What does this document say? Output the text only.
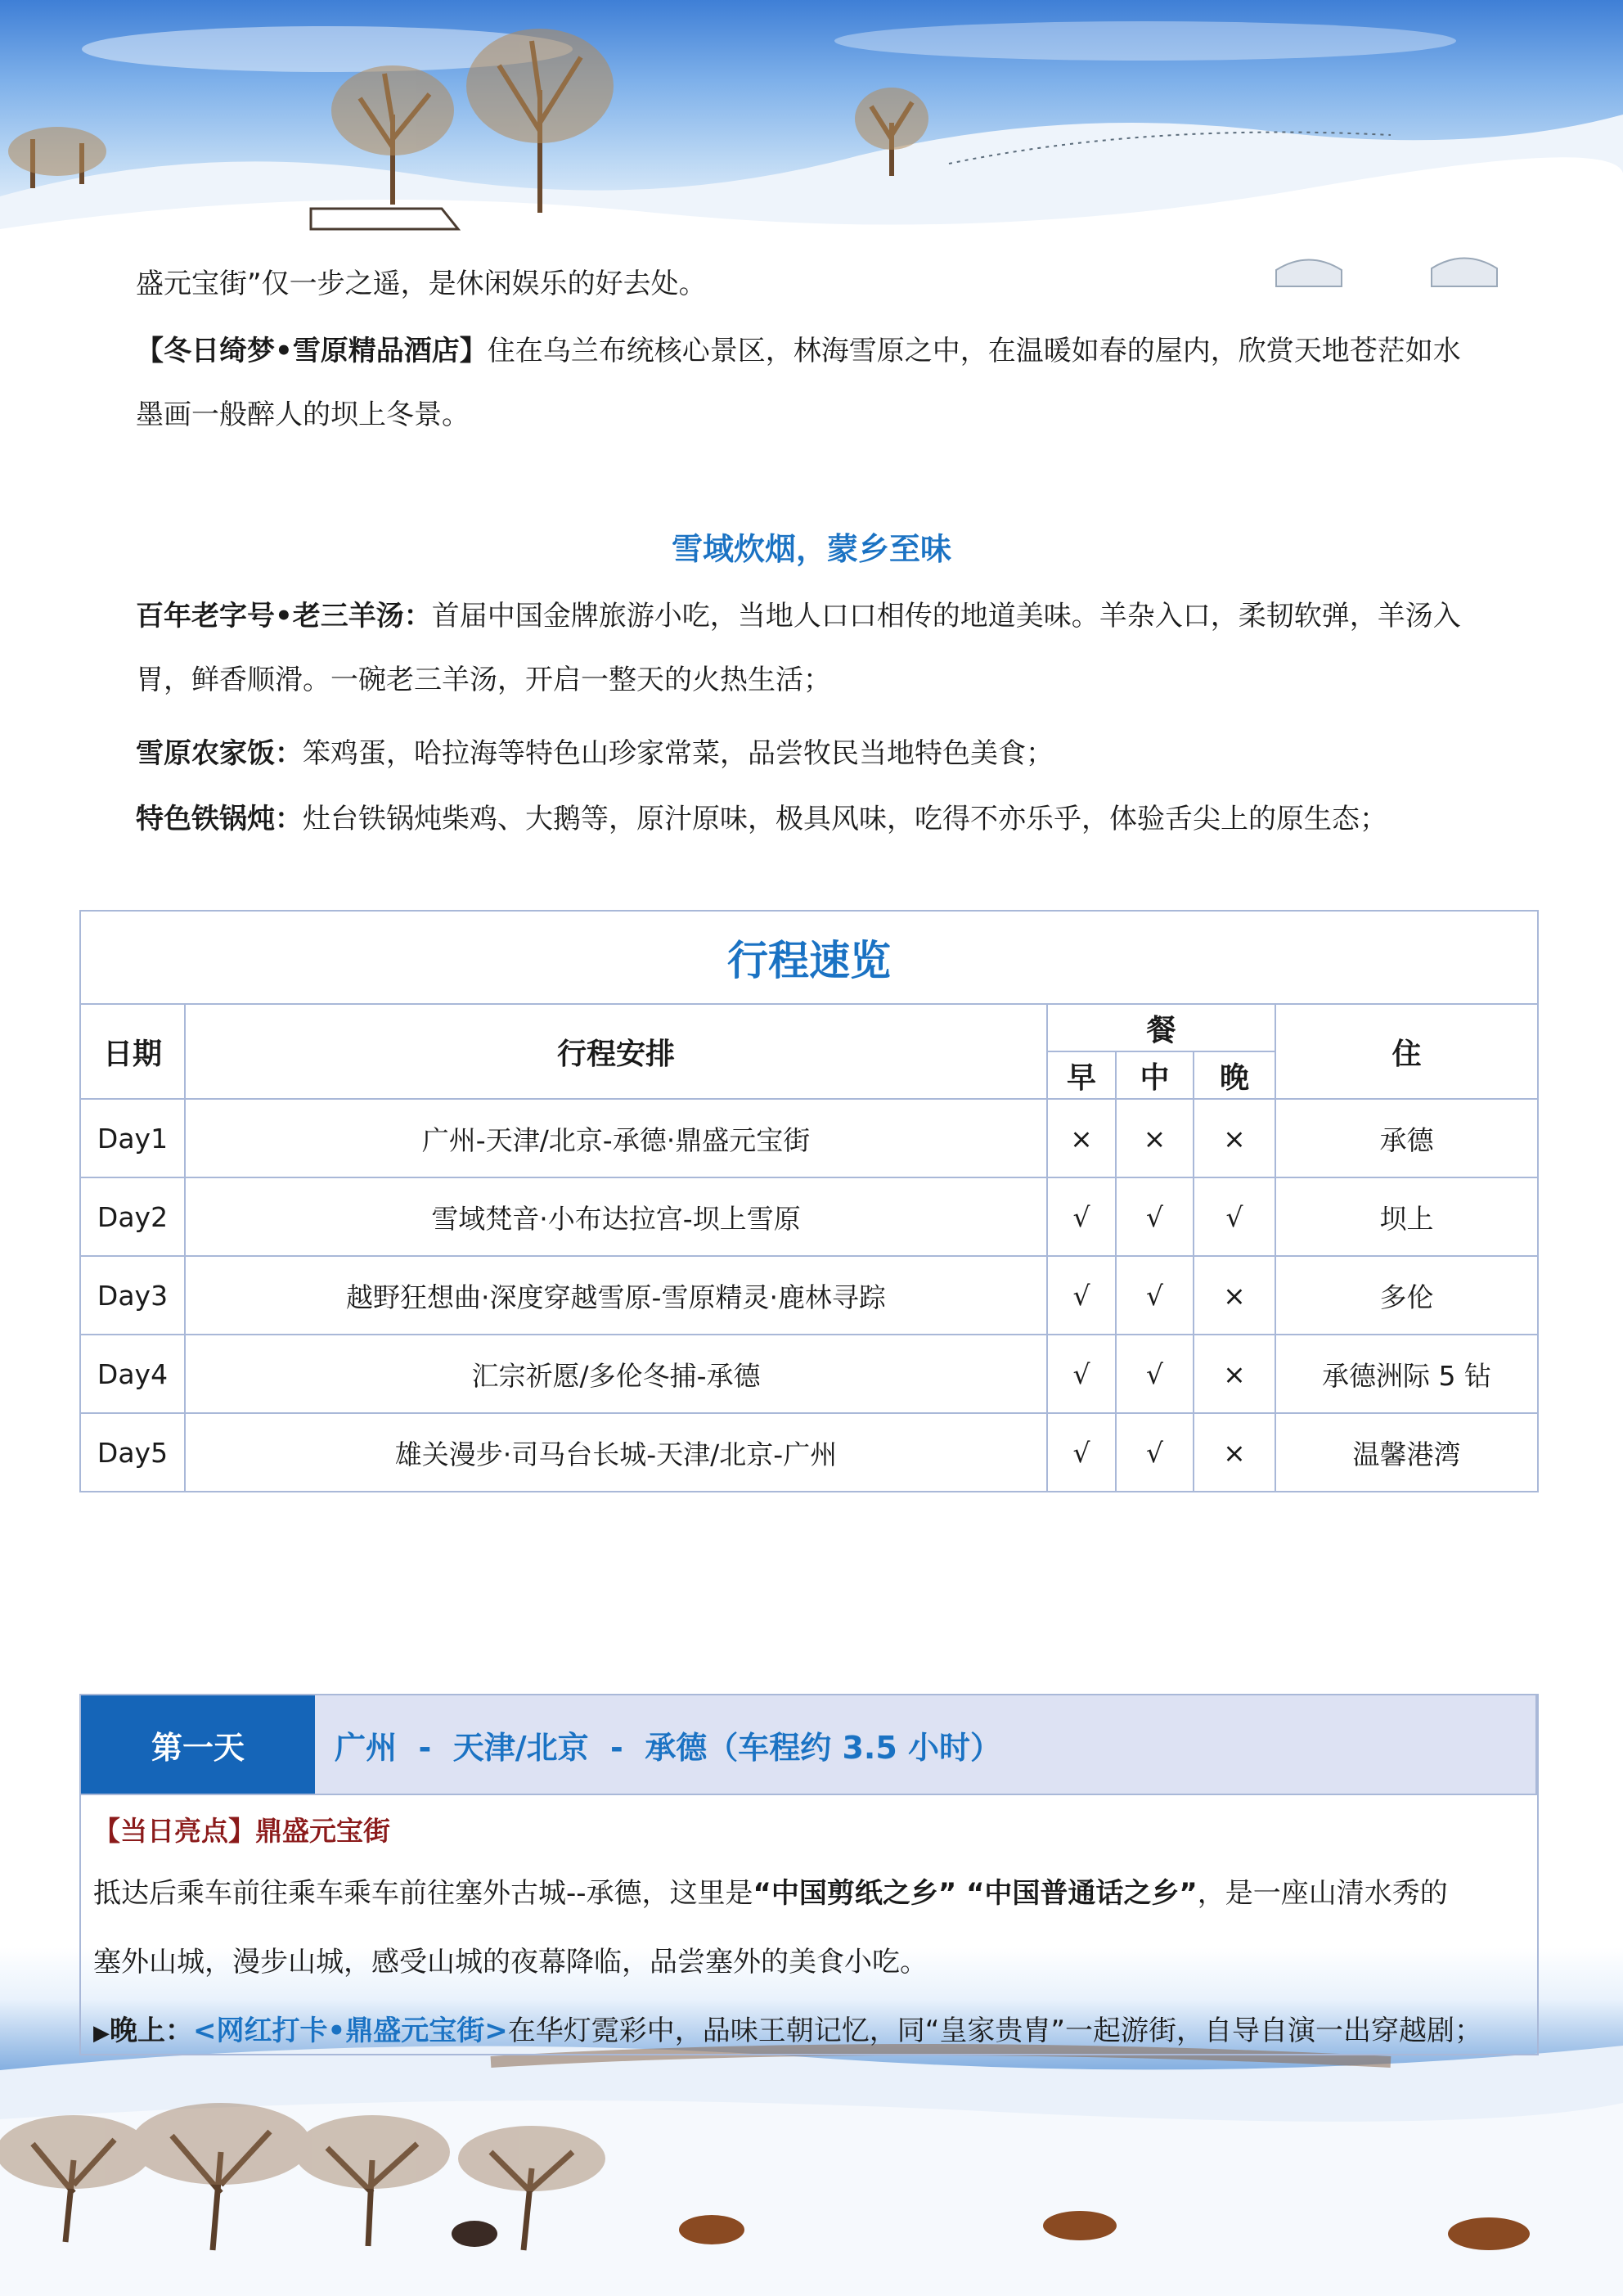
盛元宝街”仅一步之遥，是休闲娱乐的好去处。

【冬日绮梦•雪原精品酒店】住在乌兰布统核心景区，林海雪原之中，在温暖如春的屋内，欣赏天地苍茫如水
墨画一般醉人的坝上冬景。

雪域炊烟，蒙乡至味

百年老字号•老三羊汤：首届中国金牌旅游小吃，当地人口口相传的地道美味。羊杂入口，柔韧软弹，羊汤入
胃，鲜香顺滑。一碗老三羊汤，开启一整天的火热生活；

雪原农家饭：笨鸡蛋，哈拉海等特色山珍家常菜，品尝牧民当地特色美食；

特色铁锅炖：灶台铁锅炖柴鸡、大鹅等，原汁原味，极具风味，吃得不亦乐乎，体验舌尖上的原生态；

行程速览					
日期	行程安排	餐			住
		早	中	晚	
Day1	广州-天津/北京-承德·鼎盛元宝街	×	×	×	承德
Day2	雪域梵音·小布达拉宫-坝上雪原	√	√	√	坝上
Day3	越野狂想曲·深度穿越雪原-雪原精灵·鹿林寻踪	√	√	×	多伦
Day4	汇宗祈愿/多伦冬捕-承德	√	√	×	承德洲际 5 钻
Day5	雄关漫步·司马台长城-天津/北京-广州	√	√	×	温馨港湾
第一天	广州  -  天津/北京  -  承德（车程约 3.5 小时）
【当日亮点】鼎盛元宝街

抵达后乘车前往乘车乘车前往塞外古城--承德，这里是“中国剪纸之乡” “中国普通话之乡”，是一座山清水秀的
塞外山城，漫步山城，感受山城的夜幕降临，品尝塞外的美食小吃。

▶晚上：<网红打卡•鼎盛元宝街>在华灯霓彩中，品味王朝记忆，同“皇家贵胄”一起游街，自导自演一出穿越剧；
